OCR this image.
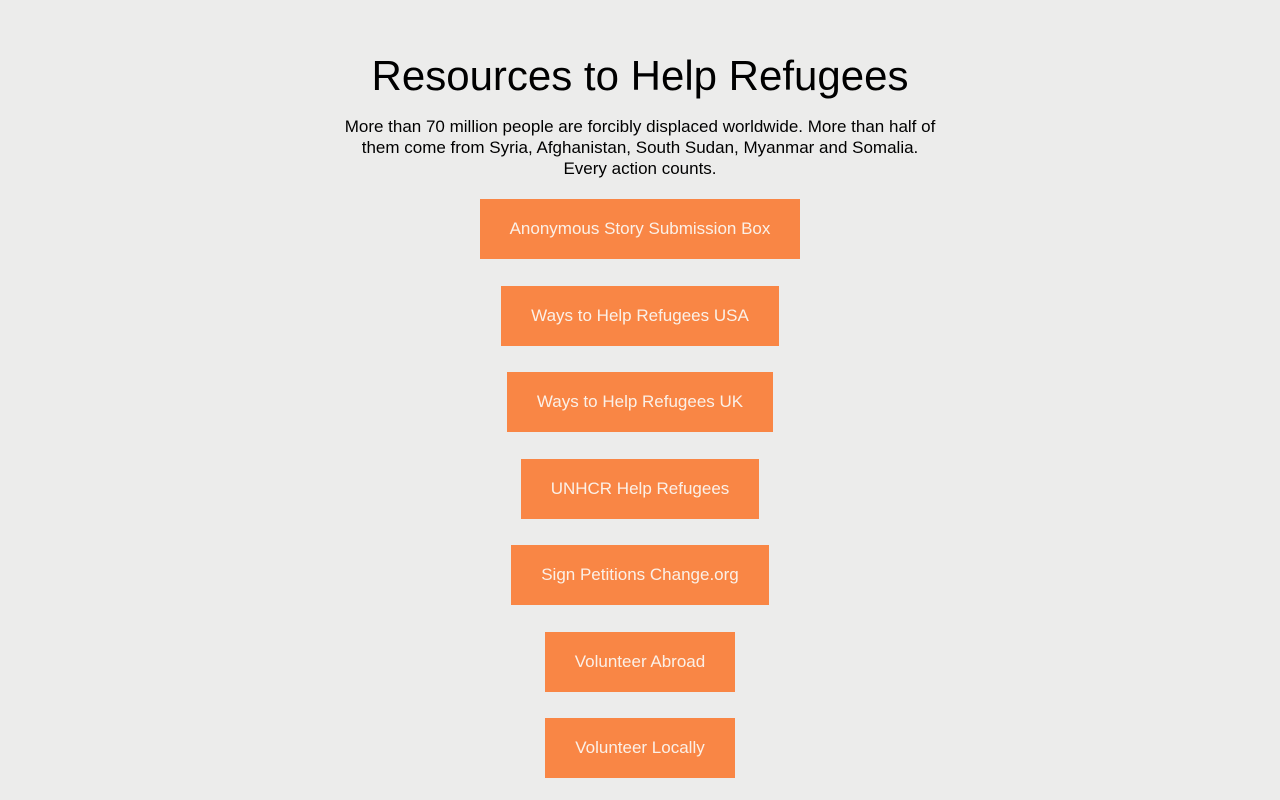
Resources to Help Refugees

More than 70 million people are forcibly displaced worldwide. More than half of them come from Syria, Afghanistan, South Sudan, Myanmar and Somalia. Every action counts.

Anonymous Story Submission Box
Ways to Help Refugees USA
Ways to Help Refugees UK
UNHCR Help Refugees
Sign Petitions Change.org
Volunteer Abroad
Volunteer Locally
